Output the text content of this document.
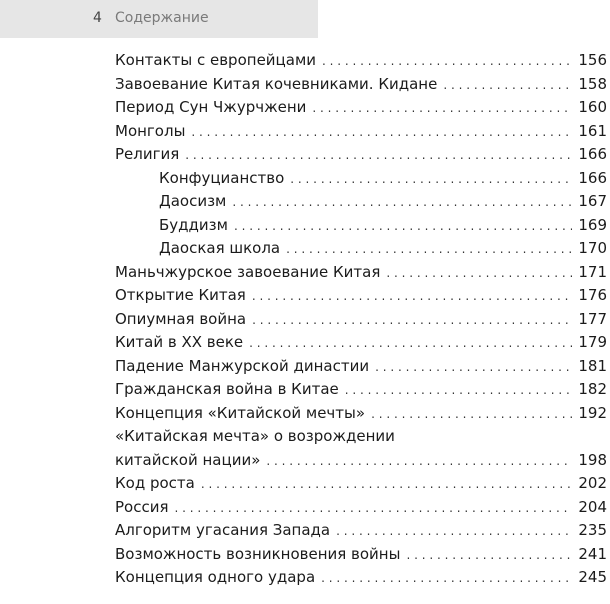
4 Содержание
Контакты с европейцами . . .	156
Завоевание Китая кочевниками. Кидане . . .	158
Период Сун Чжурчжени . . .	160
Монголы . . .	161
Религия . . .	166
Конфуцианство . . .	166
Даосизм . . .	167
Буддизм . . .	169
Даоская школа . . .	170
Маньчжурское завоевание Китая . . .	171
Открытие Китая . . .	176
Опиумная война . . .	177
Китай в XX веке . . .	179
Падение Манжурской династии . . .	181
Гражданская война в Китае . . .	182
Концепция «Китайской мечты» . . .	192
«Китайская мечта» о возрождении
китайской нации» . . .	198
Код роста . . .	202
Россия . . .	204
Алгоритм угасания Запада . . .	235
Возможность возникновения войны . . .	241
Концепция одного удара . . .	245
